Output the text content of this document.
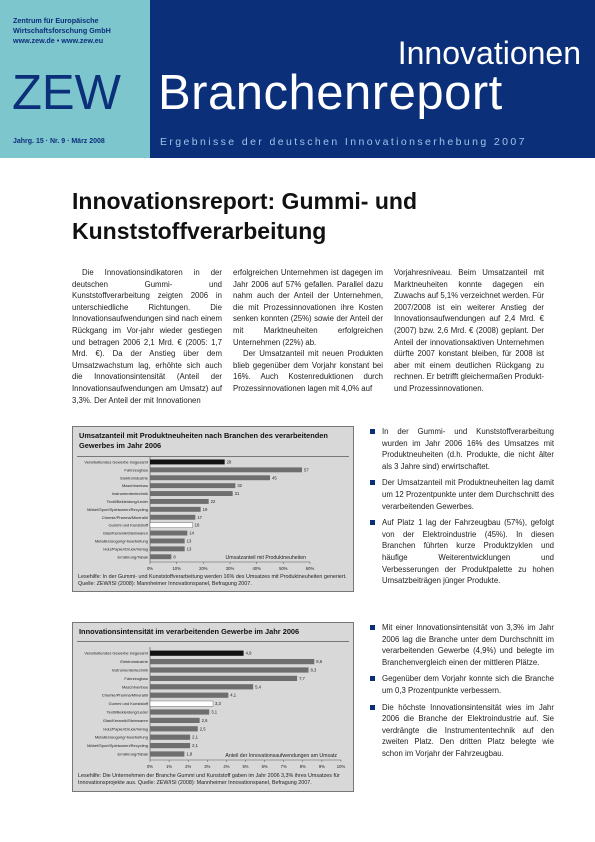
Zentrum für Europäische
Wirtschaftsforschung GmbH
www.zew.de • www.zew.eu
ZEW
Innovationen
Branchenreport
Jahrg. 15 · Nr. 9 · März 2008	Ergebnisse der deutschen Innovationserhebung 2007
Innovationsreport: Gummi- und Kunststoffverarbeitung

Die Innovationsindikatoren in der deutschen Gummi- und Kunststoffverarbeitung zeigten 2006 in unterschiedliche Richtungen. Die Innovationsaufwendungen sind nach einem Rückgang im Vor-jahr wieder gestiegen und betragen 2006 2,1 Mrd. € (2005: 1,7 Mrd. €). Da der Anstieg über dem Umsatzwachstum lag, erhöhte sich auch die Innovationsintensität (Anteil der Innovationsaufwendungen am Umsatz) auf 3,3%. Der Anteil der mit Innovationen

erfolgreichen Unternehmen ist dagegen im Jahr 2006 auf 57% gefallen. Parallel dazu nahm auch der Anteil der Unternehmen, die mit Prozessinnovationen ihre Kosten senken konnten (25%) sowie der Anteil der mit Marktneuheiten erfolgreichen Unternehmen (22%) ab.

Der Umsatzanteil mit neuen Produkten blieb gegenüber dem Vorjahr konstant bei 16%. Auch Kostenreduktionen durch Prozessinnovationen lagen mit 4,0% auf

Vorjahresniveau. Beim Umsatzanteil mit Marktneuheiten konnte dagegen ein Zuwachs auf 5,1% verzeichnet werden. Für 2007/2008 ist ein weiterer Anstieg der Innovationsaufwendungen auf 2,4 Mrd. € (2007) bzw. 2,6 Mrd. € (2008) geplant. Der Anteil der innovationsaktiven Unternehmen dürfte 2007 konstant bleiben, für 2008 ist aber mit einem deutlichen Rückgang zu rechnen. Er betrifft gleichermaßen Produkt- und Prozessinnovationen.

Umsatzanteil mit Produktneuheiten nach Branchen des verarbeitenden Gewerbes im Jahr 2006
0%	10%	20%	30%	40%	50%	60%
Umsatzanteil mit Produktneuheiten
Verarbeitendes Gewerbe insgesamt	28
Fahrzeugbau	57
Elektroindustrie	45
Maschinenbau	32
Instrumententechnik	31
Textil/Bekleidung/Leder	22
Möbel/Sport/Spielwaren/Recycling	19
Chemie/Pharma/Mineralöl	17
Gummi und Kunststoff	16
Glas/Keramik/Steinwaren	14
Metallerzeugung/-bearbeitung	13
Holz/Papier/Druck/Verlag	13
Ernährung/Tabak	8
Lesehilfe: In der Gummi- und Kunststoffverarbeitung werden 16% des Umsatzes mit Produktneuheiten generiert. Quelle: ZEW/ISI (2008): Mannheimer Innovationspanel, Befragung 2007.
In der Gummi- und Kunststoffverarbeitung wurden im Jahr 2006 16% des Umsatzes mit Produktneuheiten (d.h. Produkte, die nicht älter als 3 Jahre sind) erwirtschaftet.
Der Umsatzanteil mit Produktneuheiten lag damit um 12 Prozentpunkte unter dem Durchschnitt des verarbeitenden Gewerbes.
Auf Platz 1 lag der Fahrzeugbau (57%), gefolgt von der Elektroindustrie (45%). In diesen Branchen führten kurze Produktzyklen und häufige Weiterentwicklungen und Verbesserungen der Produktpalette zu hohen Umsatzbeiträgen jünger Produkte.
Innovationsintensität im verarbeitenden Gewerbe im Jahr 2006
0%	1%	2%	3%	4%	5%	6%	7%	8%	9%	10%
Anteil der Innovationsaufwendungen am Umsatz
Verarbeitendes Gewerbe insgesamt	4,9
Elektroindustrie	8,6
Instrumententechnik	8,3
Fahrzeugbau	7,7
Maschinenbau	5,4
Chemie/Pharma/Mineralöl	4,1
Gummi und Kunststoff	3,3
Textil/Bekleidung/Leder	3,1
Glas/Keramik/Steinwaren	2,6
Holz/Papier/Druck/Verlag	2,5
Metallerzeugung/-bearbeitung	2,1
Möbel/Sport/Spielwaren/Recycling	2,1
Ernährung/Tabak	1,8
Lesehilfe: Die Unternehmen der Branche Gummi und Kunststoff gaben im Jahr 2006 3,3% ihres Umsatzes für Innovationsprojekte aus. Quelle: ZEW/ISI (2008): Mannheimer Innovationspanel, Befragung 2007.
Mit einer Innovationsintensität von 3,3% im Jahr 2006 lag die Branche unter dem Durchschnitt im verarbeitenden Gewerbe (4,9%) und belegte im Branchenvergleich einen der mittleren Plätze.
Gegenüber dem Vorjahr konnte sich die Branche um 0,3 Prozentpunkte verbessern.
Die höchste Innovationsintensität wies im Jahr 2006 die Branche der Elektroindustrie auf. Sie verdrängte die Instrumententechnik auf den zweiten Platz. Den dritten Platz belegte wie schon im Vorjahr der Fahrzeugbau.
